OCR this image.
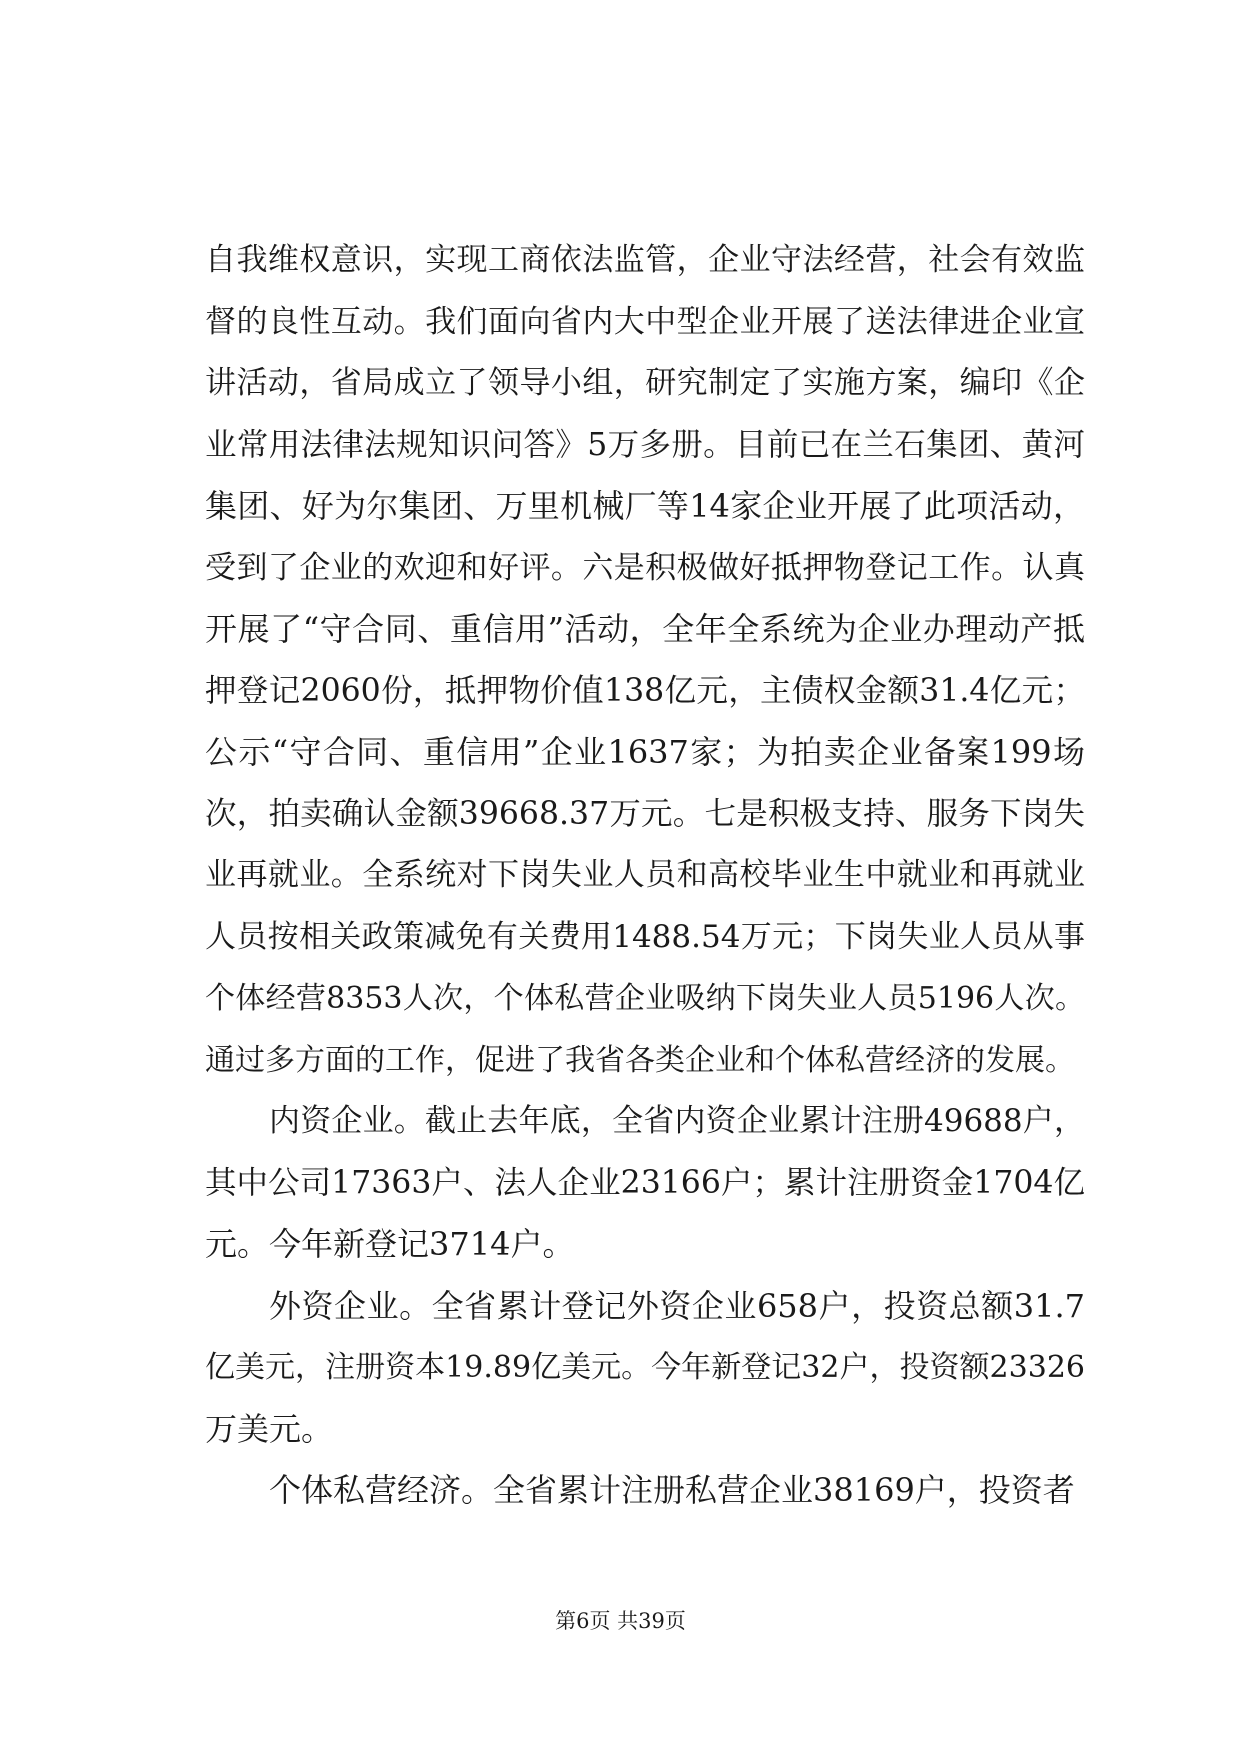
自我维权意识，实现工商依法监管，企业守法经营，社会有效监
督的良性互动。我们面向省内大中型企业开展了送法律进企业宣
讲活动，省局成立了领导小组，研究制定了实施方案，编印《企
业常用法律法规知识问答》5万多册。目前已在兰石集团、黄河
集团、好为尔集团、万里机械厂等14家企业开展了此项活动，
受到了企业的欢迎和好评。六是积极做好抵押物登记工作。认真
开展了“守合同、重信用”活动，全年全系统为企业办理动产抵
押登记2060份，抵押物价值138亿元，主债权金额31.4亿元；
公示“守合同、重信用”企业1637家；为拍卖企业备案199场
次，拍卖确认金额39668.37万元。七是积极支持、服务下岗失
业再就业。全系统对下岗失业人员和高校毕业生中就业和再就业
人员按相关政策减免有关费用1488.54万元；下岗失业人员从事
个体经营8353人次，个体私营企业吸纳下岗失业人员5196人次。
通过多方面的工作，促进了我省各类企业和个体私营经济的发展。
内资企业。截止去年底，全省内资企业累计注册49688户，
其中公司17363户、法人企业23166户；累计注册资金1704亿
元。今年新登记3714户。
外资企业。全省累计登记外资企业658户，投资总额31.7
亿美元，注册资本19.89亿美元。今年新登记32户，投资额23326
万美元。
个体私营经济。全省累计注册私营企业38169户，投资者
第6页 共39页
